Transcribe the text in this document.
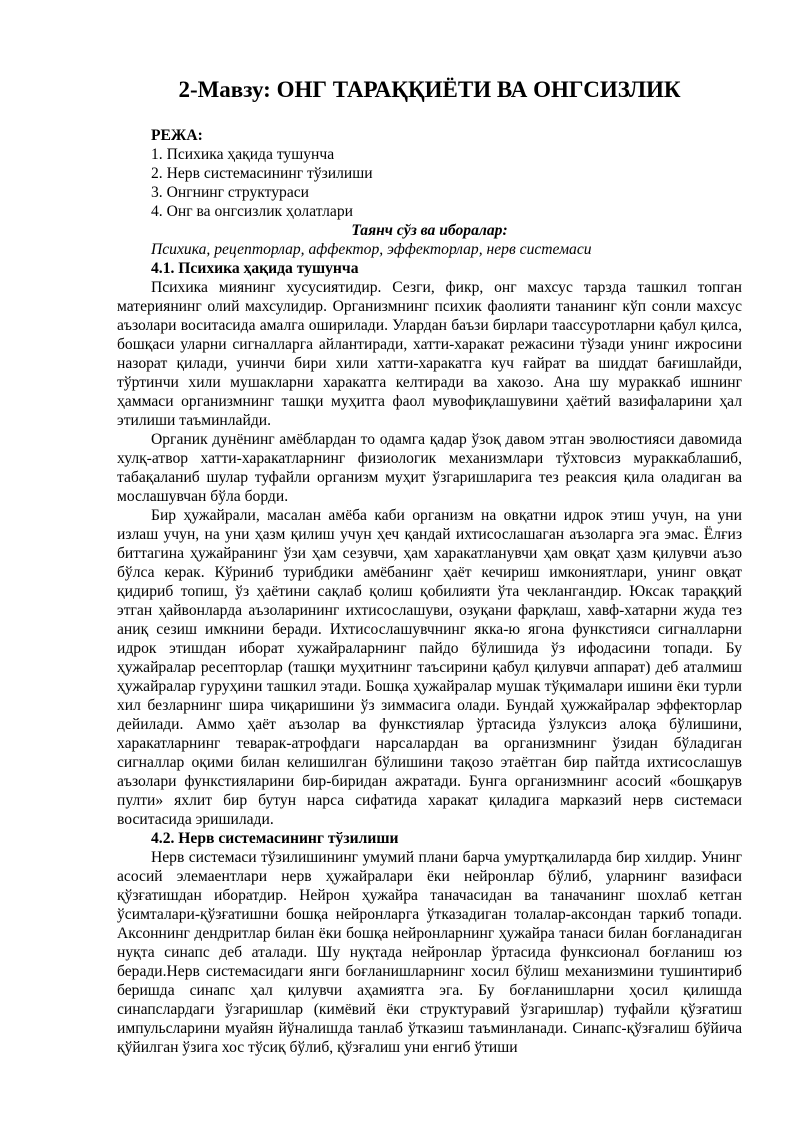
2-Мавзу: ОНГ ТАРАҚҚИЁТИ ВА ОНГСИЗЛИК
РЕЖА:
1. Психика ҳақида тушунча
2. Нерв системасининг тўзилиши
3. Онгнинг структураси
4. Онг ва онгсизлик ҳолатлари
Таянч сўз ва иборалар:
Психика, рецепторлар, аффектор, эффекторлар, нерв системаси
4.1. Психика ҳақида тушунча

Психика миянинг хусусиятидир. Сезги, фикр, онг махсус тарзда ташкил топган материянинг олий махсулидир. Организмнинг психик фаолияти тананинг кўп сонли махсус аъзолари воситасида амалга оширилади. Улардан баъзи бирлари таассуротларни қабул қилса, бошқаси уларни сигналларга айлантиради, хатти-харакат режасини тўзади унинг ижросини назорат қилади, учинчи бири хили хатти-харакатга куч ғайрат ва шиддат бағишлайди, тўртинчи хили мушакларни харакатга келтиради ва хакозо. Ана шу мураккаб ишнинг ҳаммаси организмнинг ташқи муҳитга фаол мувофиқлашувини ҳаётий вазифаларини ҳал этилиши таъминлайди.

Органик дунёнинг амёблардан то одамга қадар ўзоқ давом этган эволюстияси давомида хулқ-атвор хатти-харакатларнинг физиологик механизмлари тўхтовсиз мураккаблашиб, табақаланиб шулар туфайли организм муҳит ўзгаришларига тез реаксия қила оладиган ва мослашувчан бўла борди.

Бир ҳужайрали, масалан амёба каби организм на овқатни идрок этиш учун, на уни излаш учун, на уни ҳазм қилиш учун ҳеч қандай ихтисослашаган аъзоларга эга эмас. Ёлғиз биттагина ҳужайранинг ўзи ҳам сезувчи, ҳам харакатланувчи ҳам овқат ҳазм қилувчи аъзо бўлса керак. Кўриниб турибдики амёбанинг ҳаёт кечириш имкониятлари, унинг овқат қидириб топиш, ўз ҳаётини сақлаб қолиш қобилияти ўта чеклангандир. Юксак тараққий этган ҳайвонларда аъзоларининг ихтисослашуви, озуқани фарқлаш, хавф-хатарни жуда тез аниқ сезиш имкнини беради. Ихтисослашувчнинг якка-ю ягона функстияси сигналларни идрок этишдан иборат хужайраларнинг пайдо бўлишида ўз ифодасини топади. Бу ҳужайралар ресепторлар (ташқи муҳитнинг таъсирини қабул қилувчи аппарат) деб аталмиш ҳужайралар гуруҳини ташкил этади. Бошқа ҳужайралар мушак тўқималари ишини ёки турли хил безларнинг шира чиқаришини ўз зиммасига олади. Бундай ҳужжайралар эффекторлар дейилади. Аммо ҳаёт аъзолар ва функстиялар ўртасида ўзлуксиз алоқа бўлишини, харакатларнинг теварак-атрофдаги нарсалардан ва организмнинг ўзидан бўладиган сигналлар оқими билан келишилган бўлишини тақозо этаётган бир пайтда ихтисослашув аъзолари функстияларини бир-биридан ажратади. Бунга организмнинг асосий «бошқарув пулти» яхлит бир бутун нарса сифатида харакат қиладига марказий нерв системаси воситасида эришилади.

4.2. Нерв системасининг тўзилиши

Нерв системаси тўзилишининг умумий плани барча умуртқалиларда бир хилдир. Унинг асосий элемаентлари нерв ҳужайралари ёки нейронлар бўлиб, уларнинг вазифаси қўзғатишдан иборатдир. Нейрон ҳужайра таначасидан ва таначанинг шохлаб кетган ўсимталари-қўзғатишни бошқа нейронларга ўтказадиган толалар-аксондан таркиб топади. Аксоннинг дендритлар билан ёки бошқа нейронларнинг ҳужайра танаси билан боғланадиган нуқта синапс деб аталади. Шу нуқтада нейронлар ўртасида функсионал боғланиш юз беради.Нерв системасидаги янги боғланишларнинг хосил бўлиш механизмини тушинтириб беришда синапс ҳал қилувчи аҳамиятга эга. Бу боғланишларни ҳосил қилишда синапслардаги ўзгаришлар (кимёвий ёки структуравий ўзгаришлар) туфайли қўзғатиш импульсларини муайян йўналишда танлаб ўтказиш таъминланади. Синапс-қўзғалиш бўйича қўйилган ўзига хос тўсиқ бўлиб, қўзғалиш уни енгиб ўтиши
